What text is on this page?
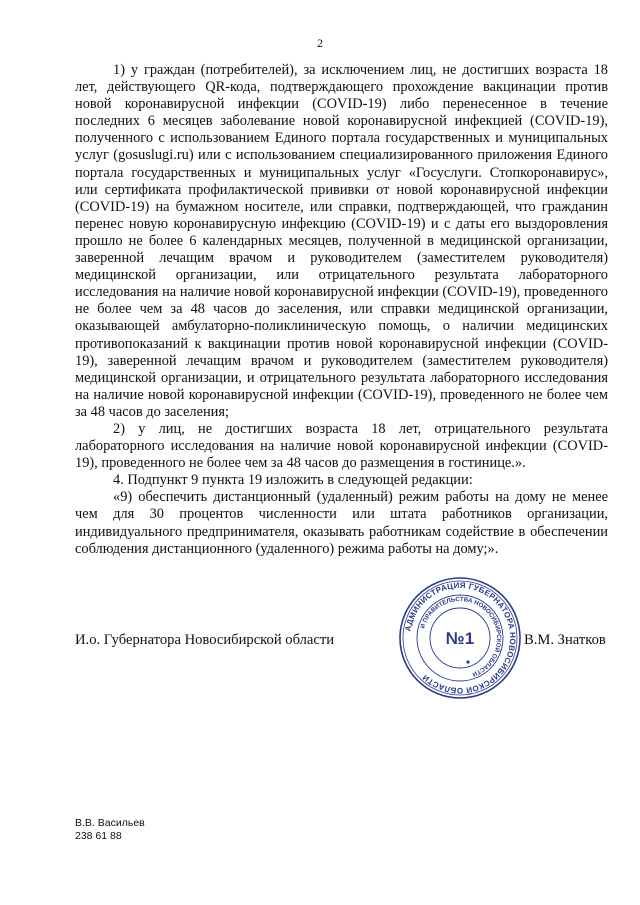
2

1) у граждан (потребителей), за исключением лиц, не достигших возраста 18 лет, действующего QR-кода, подтверждающего прохождение вакцинации против новой коронавирусной инфекции (COVID-19) либо перенесенное в течение последних 6 месяцев заболевание новой коронавирусной инфекцией (COVID-19), полученного с использованием Единого портала государственных и муниципальных услуг (gosuslugi.ru) или с использованием специализированного приложения Единого портала государственных и муниципальных услуг «Госуслуги. Стопкоронавирус», или сертификата профилактической прививки от новой коронавирусной инфекции (COVID-19) на бумажном носителе, или справки, подтверждающей, что гражданин перенес новую коронавирусную инфекцию (COVID-19) и с даты его выздоровления прошло не более 6 календарных месяцев, полученной в медицинской организации, заверенной лечащим врачом и руководителем (заместителем руководителя) медицинской организации, или отрицательного результата лабораторного исследования на наличие новой коронавирусной инфекции (COVID-19), проведенного не более чем за 48 часов до заселения, или справки медицинской организации, оказывающей амбулаторно-поликлиническую помощь, о наличии медицинских противопоказаний к вакцинации против новой коронавирусной инфекции (COVID-19), заверенной лечащим врачом и руководителем (заместителем руководителя) медицинской организации, и отрицательного результата лабораторного исследования на наличие новой коронавирусной инфекции (COVID-19), проведенного не более чем за 48 часов до заселения;

2) у лиц, не достигших возраста 18 лет, отрицательного результата лабораторного исследования на наличие новой коронавирусной инфекции (COVID-19), проведенного не более чем за 48 часов до размещения в гостинице.».

4. Подпункт 9 пункта 19 изложить в следующей редакции:

«9) обеспечить дистанционный (удаленный) режим работы на дому не менее чем для 30 процентов численности или штата работников организации, индивидуального предпринимателя, оказывать работникам содействие в обеспечении соблюдения дистанционного (удаленного) режима работы на дому;».

И.о. Губернатора Новосибирской области
АДМИНИСТРАЦИЯ ГУБЕРНАТОРА НОВОСИБИРСКОЙ ОБЛАСТИ
И ПРАВИТЕЛЬСТВА НОВОСИБИРСКОЙ ОБЛАСТИ
№1	В.М. Знатков
В.В. Васильев
238 61 88
